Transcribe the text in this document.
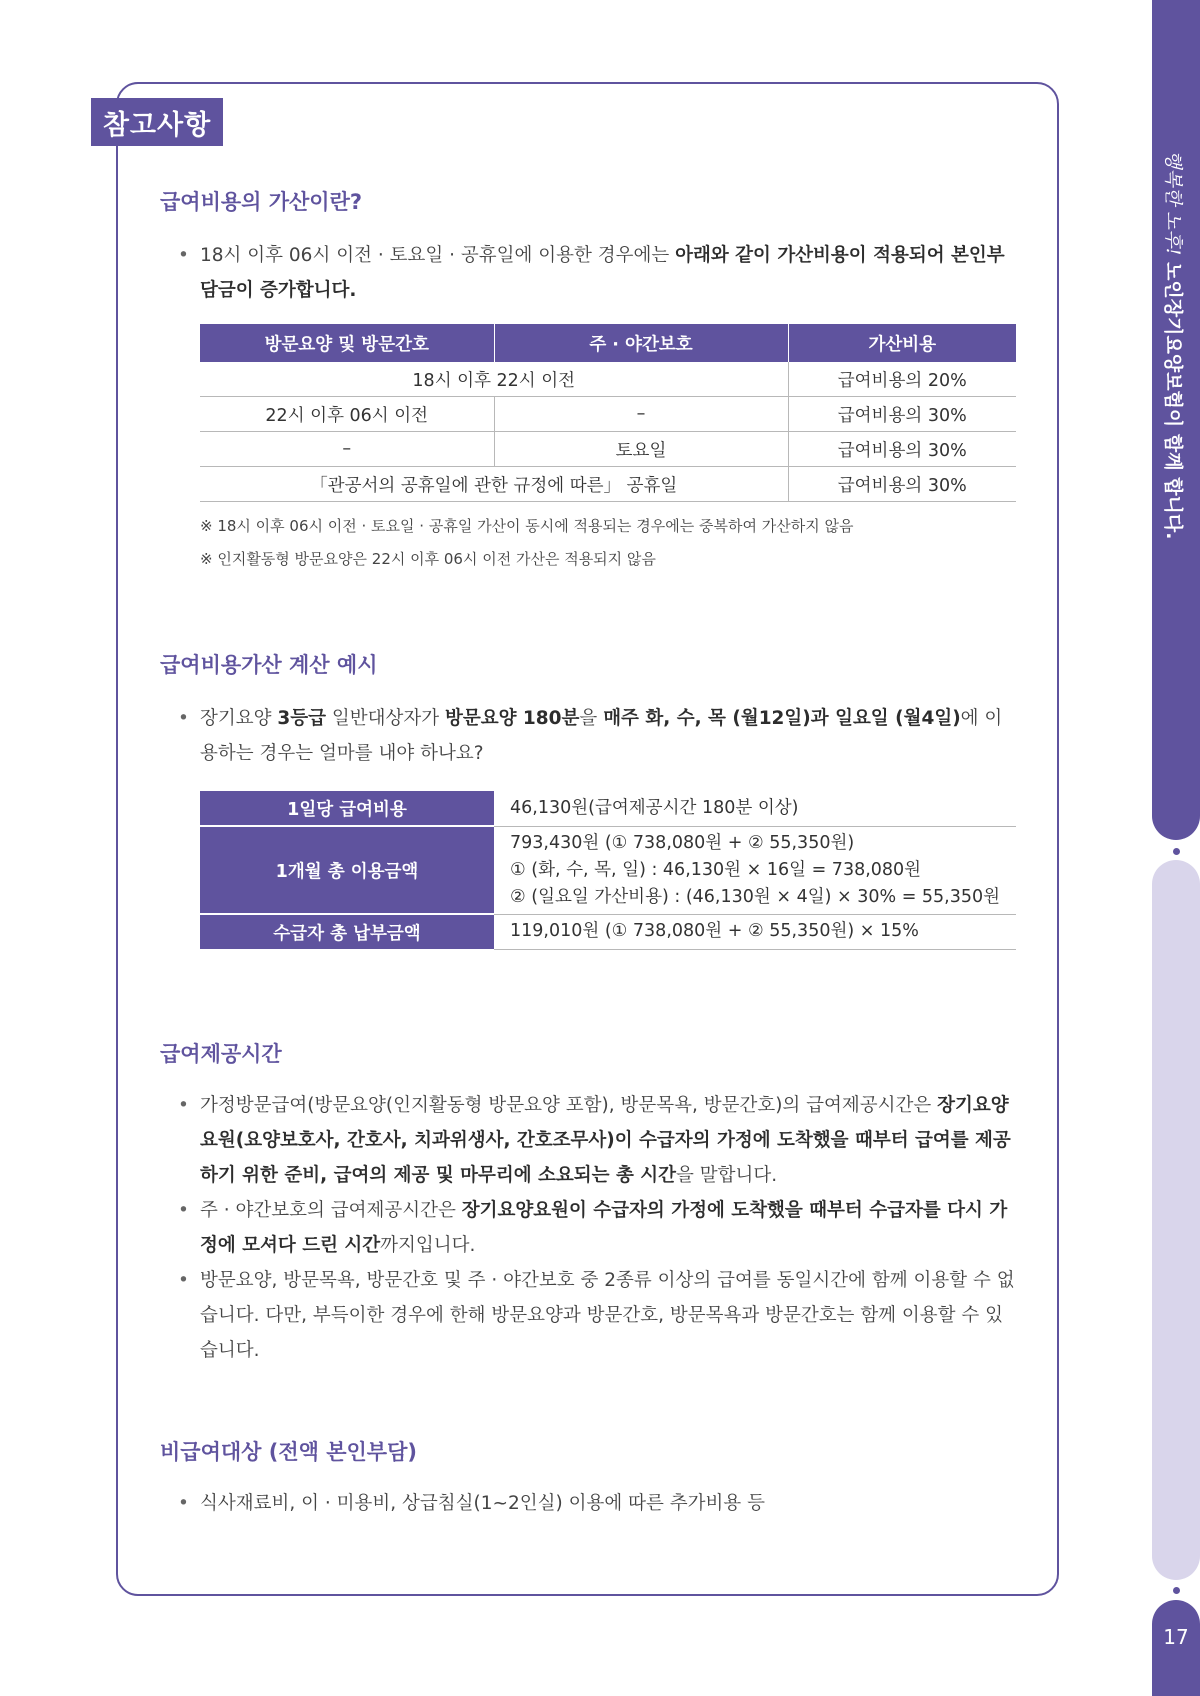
참고사항
급여비용의 가산이란?

• 18시 이후 06시 이전 · 토요일 · 공휴일에 이용한 경우에는 아래와 같이 가산비용이 적용되어 본인부담금이 증가합니다.

방문요양 및 방문간호	주 · 야간보호	가산비용
18시 이후 22시 이전		급여비용의 20%
22시 이후 06시 이전	–	급여비용의 30%
–	토요일	급여비용의 30%
「관공서의 공휴일에 관한 규정에 따른」 공휴일		급여비용의 30%

※ 18시 이후 06시 이전 · 토요일 · 공휴일 가산이 동시에 적용되는 경우에는 중복하여 가산하지 않음

※ 인지활동형 방문요양은 22시 이후 06시 이전 가산은 적용되지 않음

급여비용가산 계산 예시

• 장기요양 3등급 일반대상자가 방문요양 180분을 매주 화, 수, 목 (월12일)과 일요일 (월4일)에 이용하는 경우는 얼마를 내야 하나요?

1일당 급여비용	46,130원(급여제공시간 180분 이상)
1개월 총 이용금액	793,430원 (① 738,080원 + ② 55,350원)
① (화, 수, 목, 일) : 46,130원 × 16일 = 738,080원
② (일요일 가산비용) : (46,130원 × 4일) × 30% = 55,350원

수급자 총 납부금액	119,010원 (① 738,080원 + ② 55,350원) × 15%
급여제공시간

• 가정방문급여(방문요양(인지활동형 방문요양 포함), 방문목욕, 방문간호)의 급여제공시간은 장기요양요원(요양보호사, 간호사, 치과위생사, 간호조무사)이 수급자의 가정에 도착했을 때부터 급여를 제공하기 위한 준비, 급여의 제공 및 마무리에 소요되는 총 시간을 말합니다.

• 주 · 야간보호의 급여제공시간은 장기요양요원이 수급자의 가정에 도착했을 때부터 수급자를 다시 가정에 모셔다 드린 시간까지입니다.

• 방문요양, 방문목욕, 방문간호 및 주 · 야간보호 중 2종류 이상의 급여를 동일시간에 함께 이용할 수 없습니다. 다만, 부득이한 경우에 한해 방문요양과 방문간호, 방문목욕과 방문간호는 함께 이용할 수 있습니다.

비급여대상 (전액 본인부담)

• 식사재료비, 이 · 미용비, 상급침실(1~2인실) 이용에 따른 추가비용 등

행복한 노후! 노인장기요양보험이 함께 합니다.
17
